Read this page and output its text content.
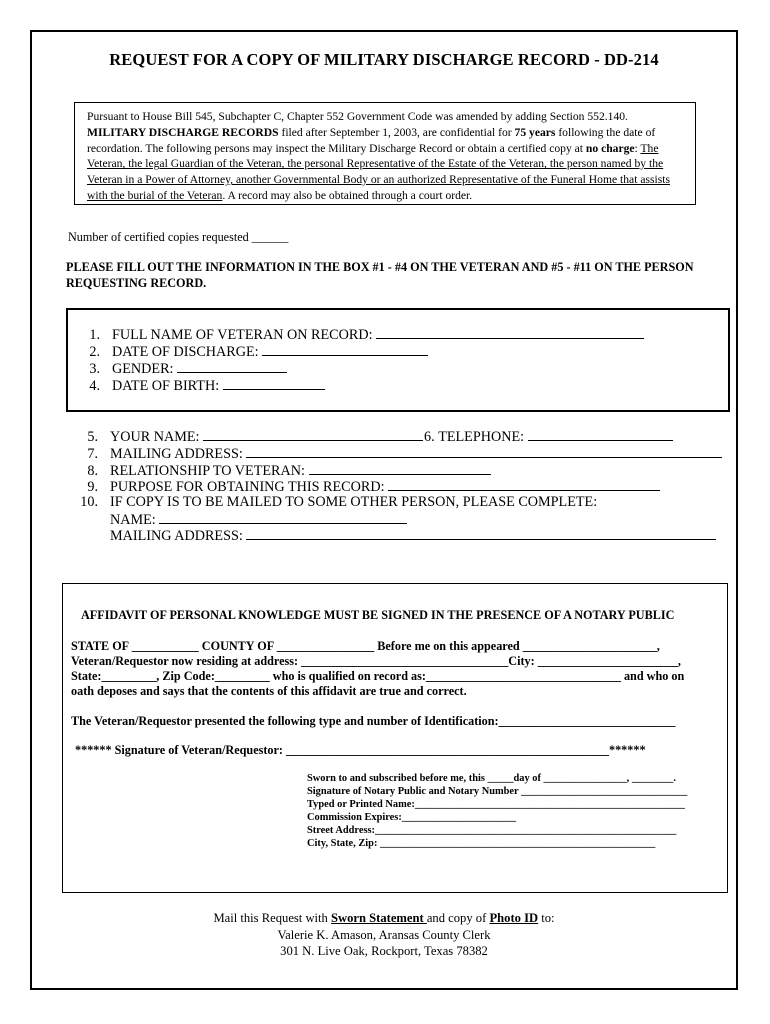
REQUEST FOR A COPY OF MILITARY DISCHARGE RECORD - DD-214
Pursuant to House Bill 545, Subchapter C, Chapter 552 Government Code was amended by adding Section 552.140. MILITARY DISCHARGE RECORDS filed after September 1, 2003, are confidential for 75 years following the date of recordation. The following persons may inspect the Military Discharge Record or obtain a certified copy at no charge: The Veteran, the legal Guardian of the Veteran, the personal Representative of the Estate of the Veteran, the person named by the Veteran in a Power of Attorney, another Governmental Body or an authorized Representative of the Funeral Home that assists with the burial of the Veteran. A record may also be obtained through a court order.
Number of certified copies requested ______
PLEASE FILL OUT THE INFORMATION IN THE BOX #1 - #4 ON THE VETERAN AND #5 - #11 ON THE PERSON REQUESTING RECORD.
1. FULL NAME OF VETERAN ON RECORD:
2. DATE OF DISCHARGE:
3. GENDER:
4. DATE OF BIRTH:
5. YOUR NAME:	6. TELEPHONE:
7. MAILING ADDRESS:
8. RELATIONSHIP TO VETERAN:
9. PURPOSE FOR OBTAINING THIS RECORD:
10. IF COPY IS TO BE MAILED TO SOME OTHER PERSON, PLEASE COMPLETE:
NAME:
MAILING ADDRESS:
AFFIDAVIT OF PERSONAL KNOWLEDGE MUST BE SIGNED IN THE PRESENCE OF A NOTARY PUBLIC
STATE OF ___________ COUNTY OF ________________ Before me on this appeared ______________________,
Veteran/Requestor now residing at address: __________________________________City: _______________________,
State:_________, Zip Code:_________ who is qualified on record as:________________________________ and who on
oath deposes and says that the contents of this affidavit are true and correct.
The Veteran/Requestor presented the following type and number of Identification:_____________________________
****** Signature of Veteran/Requestor: _____________________________________________________******
Sworn to and subscribed before me, this _____day of ________________, ________.
Signature of Notary Public and Notary Number ________________________________
Typed or Printed Name:____________________________________________________
Commission Expires:______________________
Street Address:__________________________________________________________
City, State, Zip: _____________________________________________________
Mail this Request with Sworn Statement and copy of Photo ID to:
Valerie K. Amason, Aransas County Clerk
301 N. Live Oak, Rockport, Texas 78382
